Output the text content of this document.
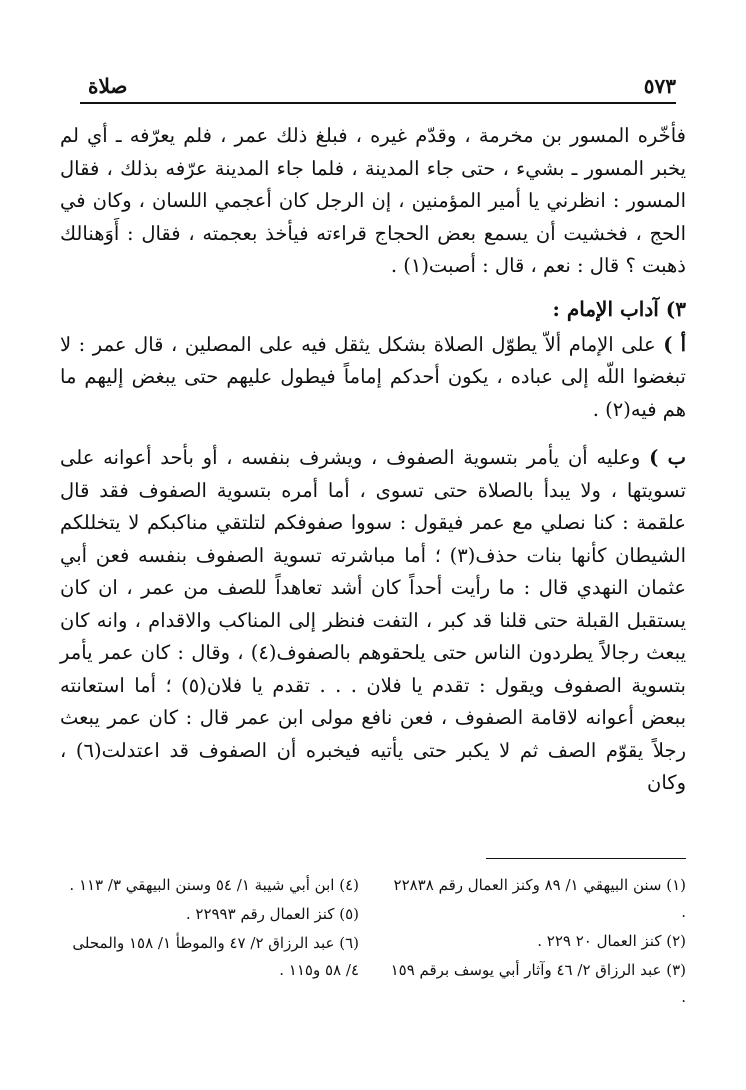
٥٧٣
صلاة

فأخّره المسور بن مخرمة ، وقدّم غيره ، فبلغ ذلك عمر ، فلم يعرّفه ـ أي لم يخبر المسور ـ بشيء ، حتى جاء المدينة ، فلما جاء المدينة عرّفه بذلك ، فقال المسور : انظرني يا أمير المؤمنين ، إن الرجل كان أعجمي اللسان ، وكان في الحج ، فخشيت أن يسمع بعض الحجاج قراءته فيأخذ بعجمته ، فقال : أَوَهنالك ذهبت ؟ قال : نعم ، قال : أصبت(١) .

٣) آداب الإمام :

أ ) على الإمام ألاّ يطوّل الصلاة بشكل يثقل فيه على المصلين ، قال عمر : لا تبغضوا اللّه إلى عباده ، يكون أحدكم إماماً فيطول عليهم حتى يبغض إليهم ما هم فيه(٢) .

ب ) وعليه أن يأمر بتسوية الصفوف ، ويشرف بنفسه ، أو بأحد أعوانه على تسويتها ، ولا يبدأ بالصلاة حتى تسوى ، أما أمره بتسوية الصفوف فقد قال علقمة : كنا نصلي مع عمر فيقول : سووا صفوفكم لتلتقي مناكبكم لا يتخللكم الشيطان كأنها بنات حذف(٣) ؛ أما مباشرته تسوية الصفوف بنفسه فعن أبي عثمان النهدي قال : ما رأيت أحداً كان أشد تعاهداً للصف من عمر ، ان كان يستقبل القبلة حتى قلنا قد كبر ، التفت فنظر إلى المناكب والاقدام ، وانه كان يبعث رجالاً يطردون الناس حتى يلحقوهم بالصفوف(٤) ، وقال : كان عمر يأمر بتسوية الصفوف ويقول : تقدم يا فلان . . . تقدم يا فلان(٥) ؛ أما استعانته ببعض أعوانه لاقامة الصفوف ، فعن نافع مولى ابن عمر قال : كان عمر يبعث رجلاً يقوّم الصف ثم لا يكبر حتى يأتيه فيخبره أن الصفوف قد اعتدلت(٦) ، وكان

(١) سنن البيهقي ١/ ٨٩ وكنز العمال رقم ٢٢٨٣٨ .

(٢) كنز العمال ٢٠ ٢٢٩ .

(٣) عبد الرزاق ٢/ ٤٦ وآثار أبي يوسف برقم ١٥٩ .

(٤) ابن أبي شيبة ١/ ٥٤ وسنن البيهقي ٣/ ١١٣ .

(٥) كنز العمال رقم ٢٢٩٩٣ .

(٦) عبد الرزاق ٢/ ٤٧ والموطأ ١/ ١٥٨ والمحلى ٤/ ٥٨ و١١٥ .
